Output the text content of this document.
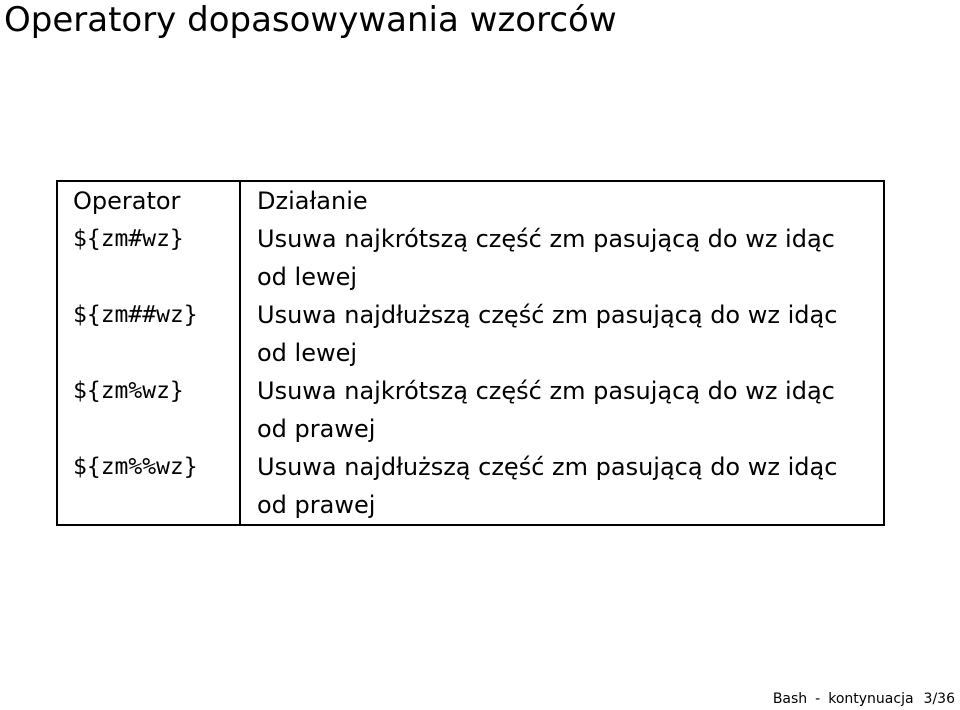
Operatory dopasowywania wzorców
Operator	Działanie
${zm#wz}	Usuwa najkrótszą część zm pasującą do wz idąc
od lewej

${zm##wz}	Usuwa najdłuższą część zm pasującą do wz idąc
od lewej

${zm%wz}	Usuwa najkrótszą część zm pasującą do wz idąc
od prawej

${zm%%wz}	Usuwa najdłuższą część zm pasującą do wz idąc
od prawej
Bash - kontynuacja 3/36
